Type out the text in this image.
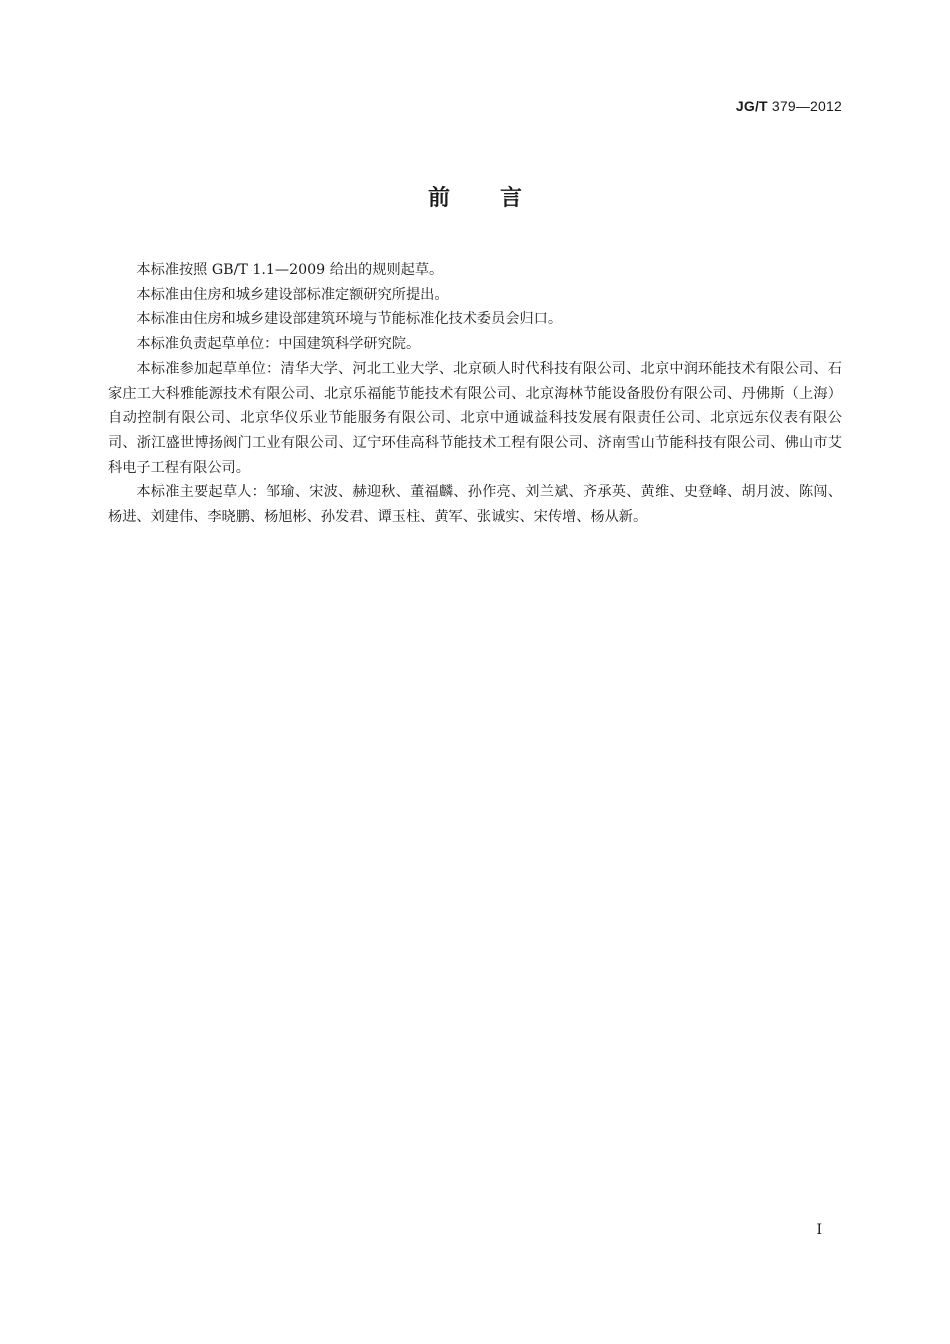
JG/T 379—2012
前 言

本标准按照 GB/T 1.1—2009 给出的规则起草。

本标准由住房和城乡建设部标准定额研究所提出。

本标准由住房和城乡建设部建筑环境与节能标准化技术委员会归口。

本标准负责起草单位：中国建筑科学研究院。

本标准参加起草单位：清华大学、河北工业大学、北京硕人时代科技有限公司、北京中润环能技术有限公司、石家庄工大科雅能源技术有限公司、北京乐福能节能技术有限公司、北京海林节能设备股份有限公司、丹佛斯（上海）自动控制有限公司、北京华仪乐业节能服务有限公司、北京中通诚益科技发展有限责任公司、北京远东仪表有限公司、浙江盛世博扬阀门工业有限公司、辽宁环佳高科节能技术工程有限公司、济南雪山节能科技有限公司、佛山市艾科电子工程有限公司。

本标准主要起草人：邹瑜、宋波、赫迎秋、董福麟、孙作亮、刘兰斌、齐承英、黄维、史登峰、胡月波、陈闯、杨进、刘建伟、李晓鹏、杨旭彬、孙发君、谭玉柱、黄军、张诚实、宋传增、杨从新。

I
